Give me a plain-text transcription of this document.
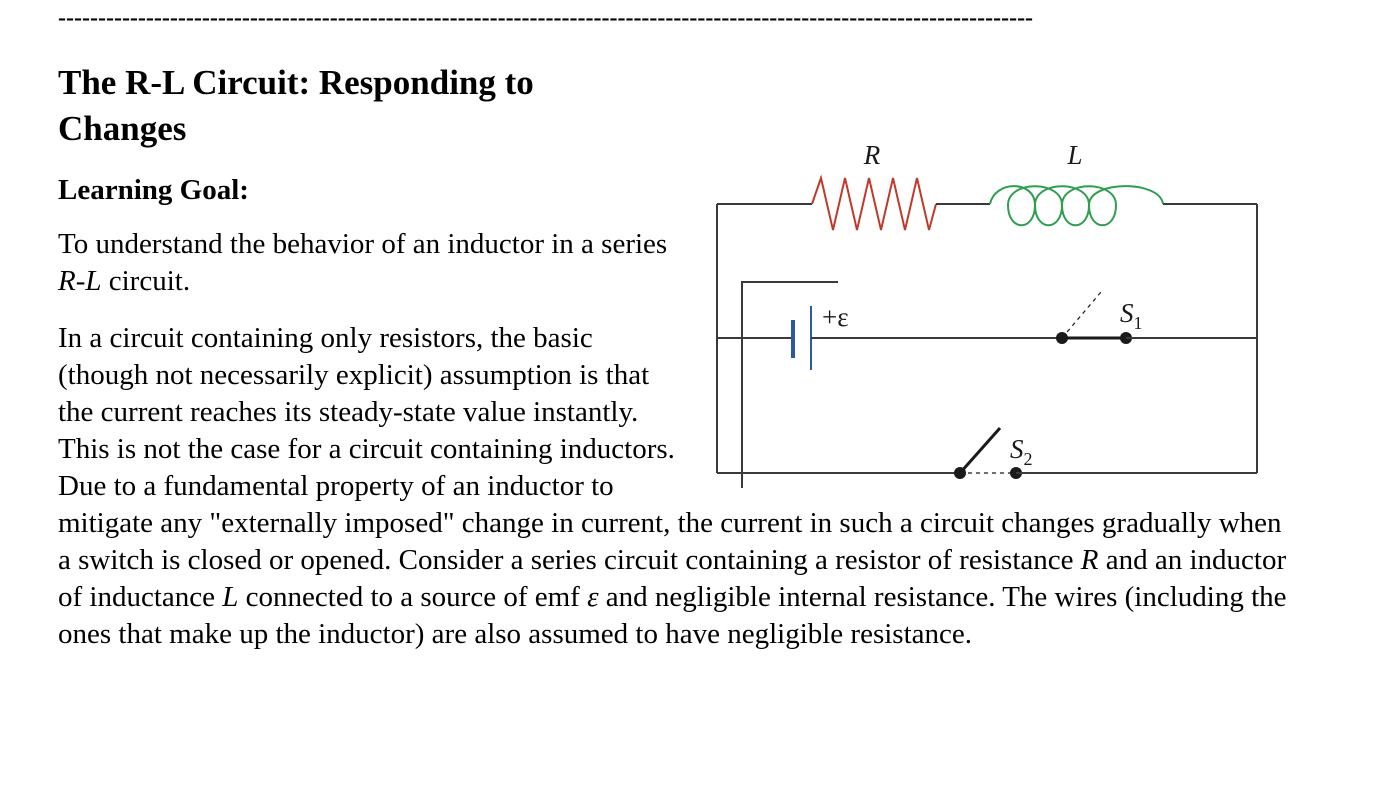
--------------------------------------------------------------------------------------------------------------------------
The R-L Circuit: Responding to Changes
Learning Goal:

To understand the behavior of an inductor in a series R-L circuit.

In a circuit containing only resistors, the basic (though not necessarily explicit) assumption is that the current reaches its steady-state value instantly. This is not the case for a circuit containing inductors. Due to a fundamental property of an inductor to mitigate any "externally imposed" change in current, the current in such a circuit changes gradually when a switch is closed or opened. Consider a series circuit containing a resistor of resistance R and an inductor of inductance L connected to a source of emf ε and negligible internal resistance. The wires (including the ones that make up the inductor) are also assumed to have negligible resistance.

R	L
+ε	$S_1$
$S_2$
